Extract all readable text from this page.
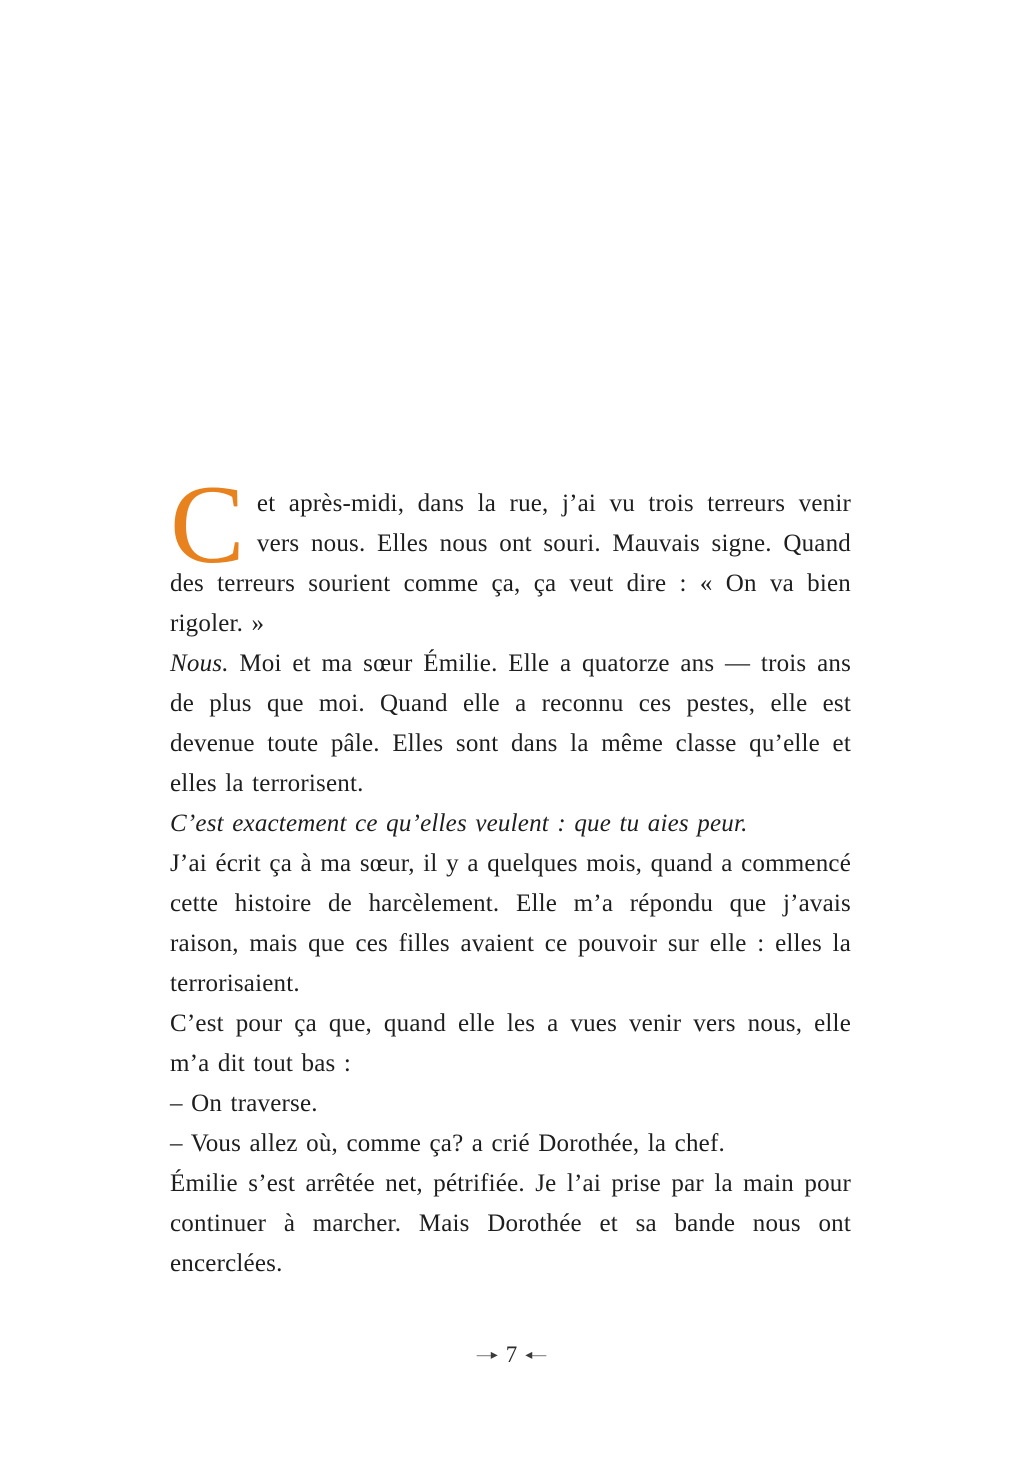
Cet après-midi, dans la rue, j’ai vu trois terreurs venir vers nous. Elles nous ont souri. Mauvais signe. Quand des terreurs sourient comme ça, ça veut dire : « On va bien rigoler. »

Nous. Moi et ma sœur Émilie. Elle a quatorze ans — trois ans de plus que moi. Quand elle a reconnu ces pestes, elle est devenue toute pâle. Elles sont dans la même classe qu’elle et elles la terrorisent.

C’est exactement ce qu’elles veulent : que tu aies peur.

J’ai écrit ça à ma sœur, il y a quelques mois, quand a commencé cette histoire de harcèlement. Elle m’a répondu que j’avais raison, mais que ces filles avaient ce pouvoir sur elle : elles la terrorisaient.

C’est pour ça que, quand elle les a vues venir vers nous, elle m’a dit tout bas :

– On traverse.

– Vous allez où, comme ça? a crié Dorothée, la chef.

Émilie s’est arrêtée net, pétrifiée. Je l’ai prise par la main pour continuer à marcher. Mais Dorothée et sa bande nous ont encerclées.

—▸ 7 ◂—
